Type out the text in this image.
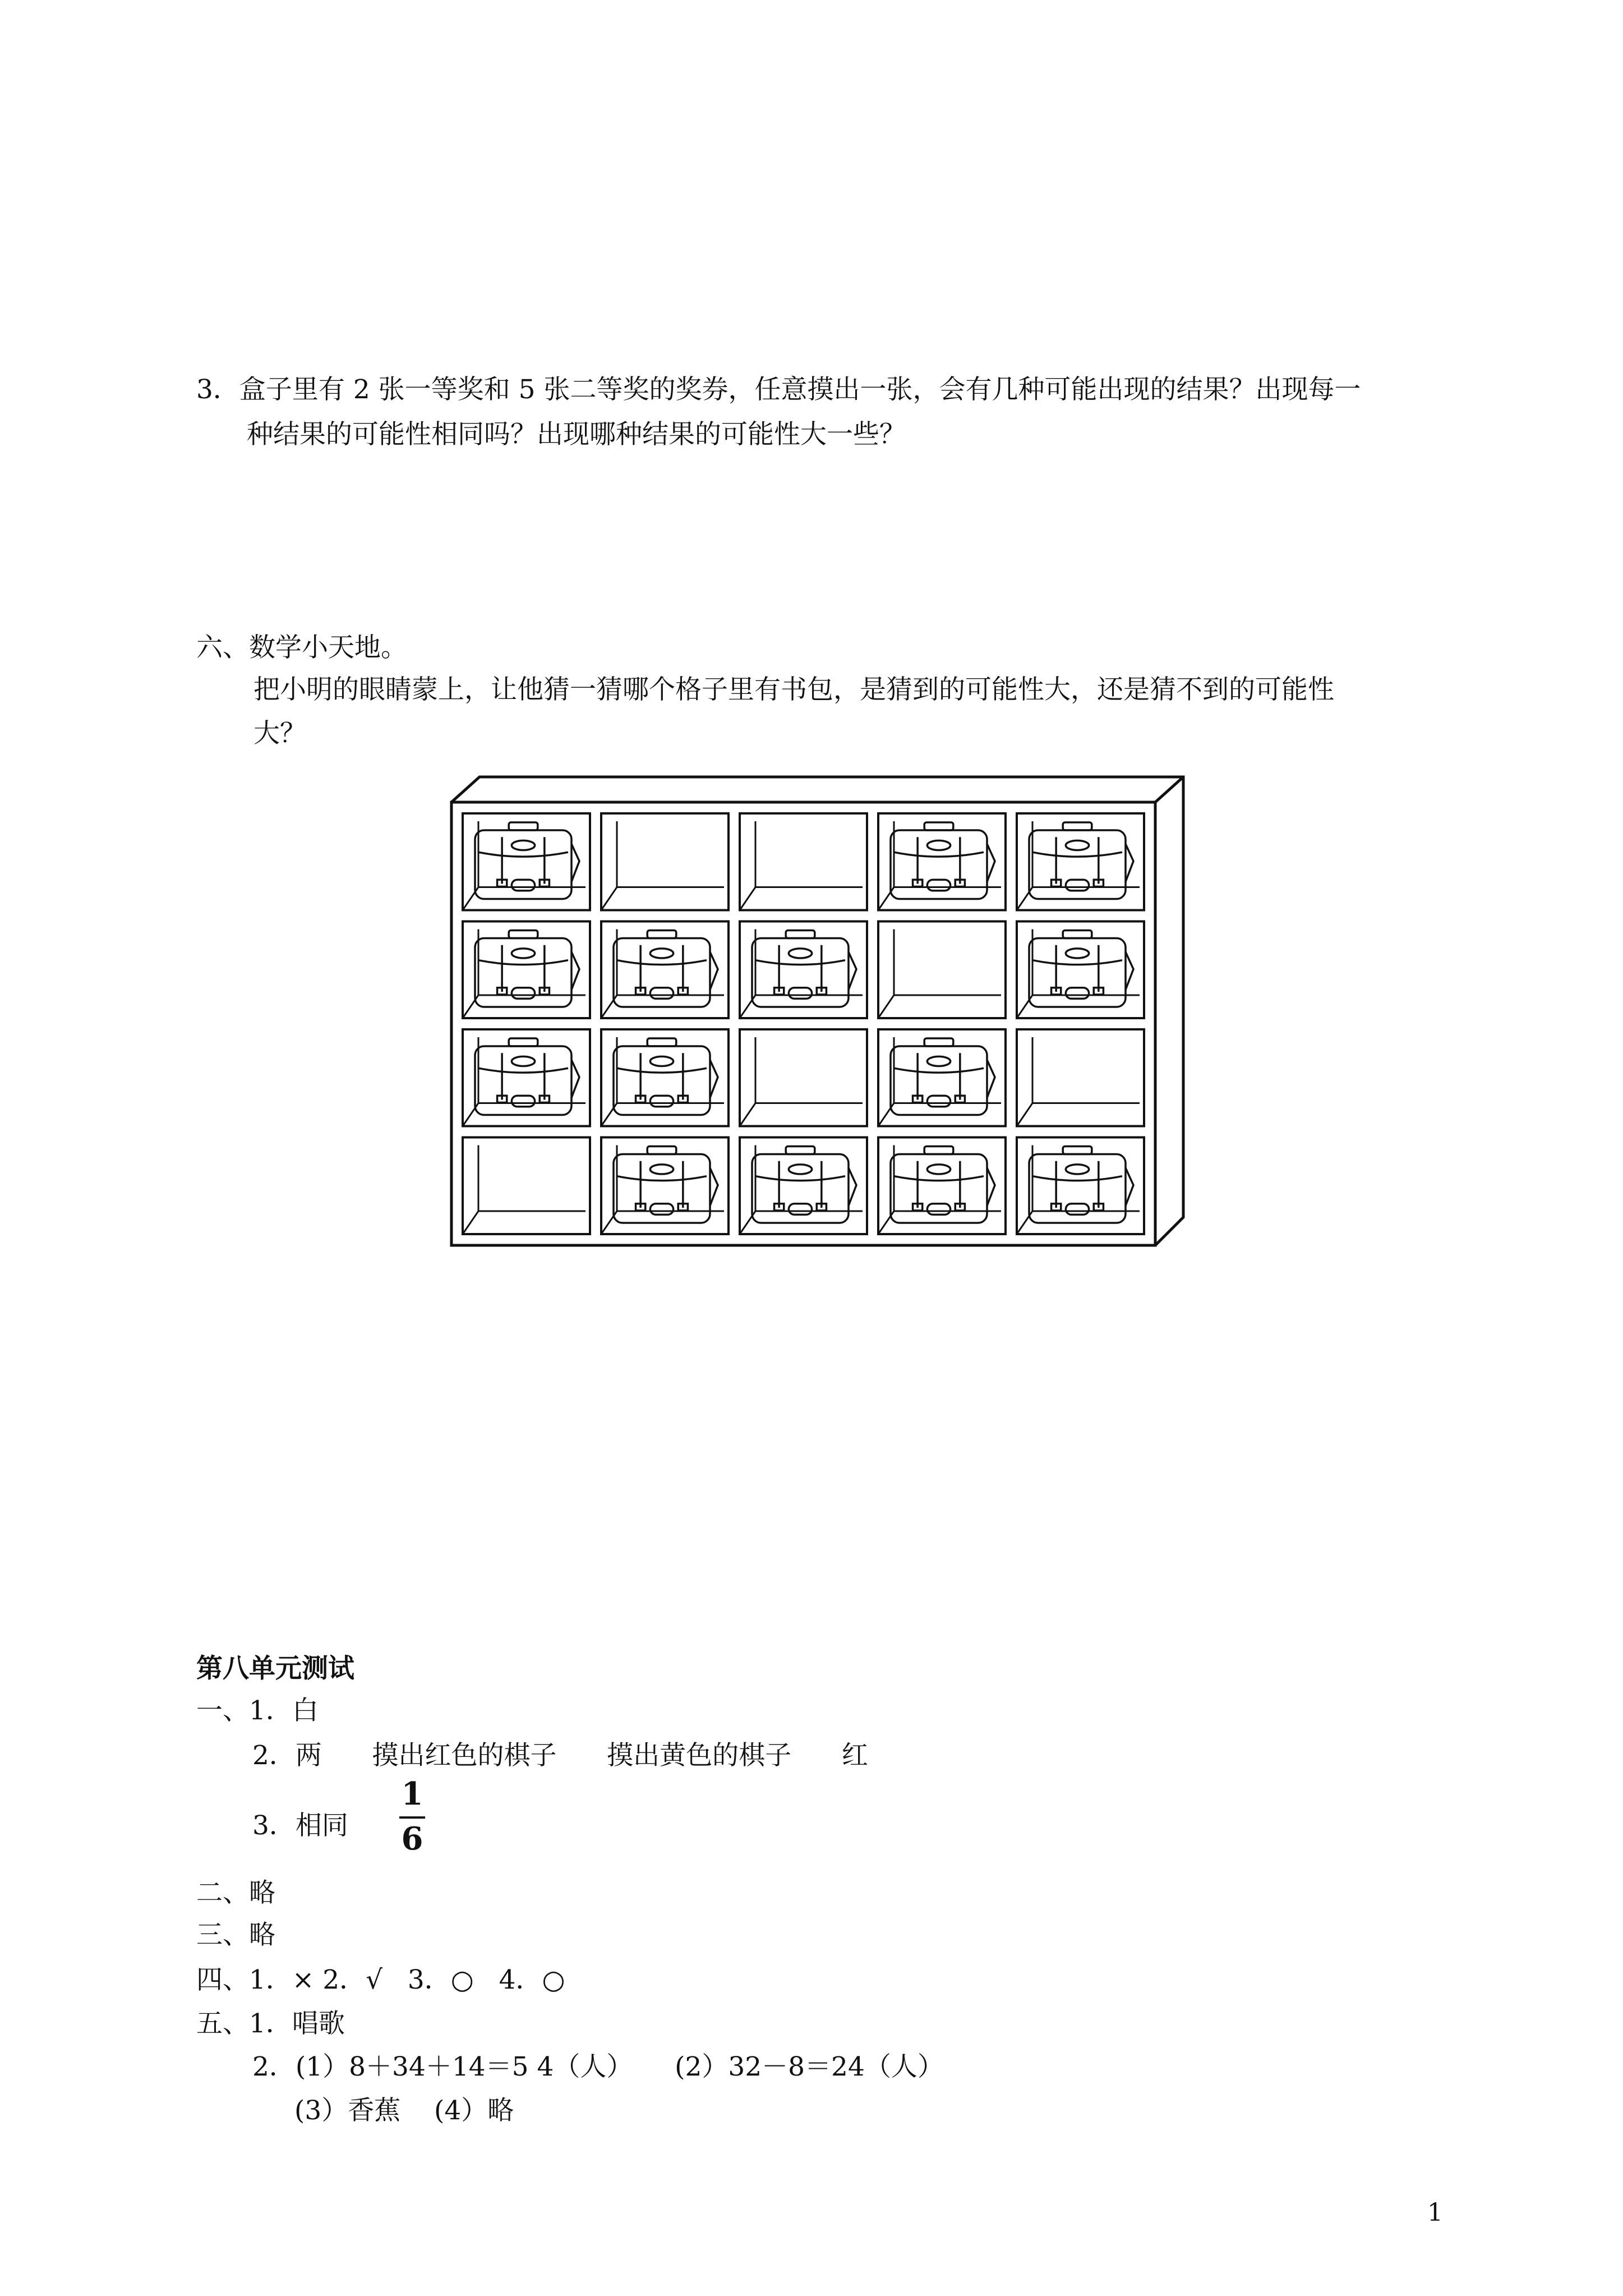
3．盒子里有 2 张一等奖和 5 张二等奖的奖券，任意摸出一张，会有几种可能出现的结果？出现每一
种结果的可能性相同吗？出现哪种结果的可能性大一些？
六、数学小天地。
把小明的眼睛蒙上，让他猜一猜哪个格子里有书包，是猜到的可能性大，还是猜不到的可能性
大？
第八单元测试
一、1．白
2．两      摸出红色的棋子      摸出黄色的棋子      红
3．相同
1
6
二、略
三、略
四、1．× 2．√   3．○   4．○
五、1．唱歌
2．(1）8＋34＋14＝5 4（人）     (2）32－8＝24（人）
(3）香蕉    (4）略
1
